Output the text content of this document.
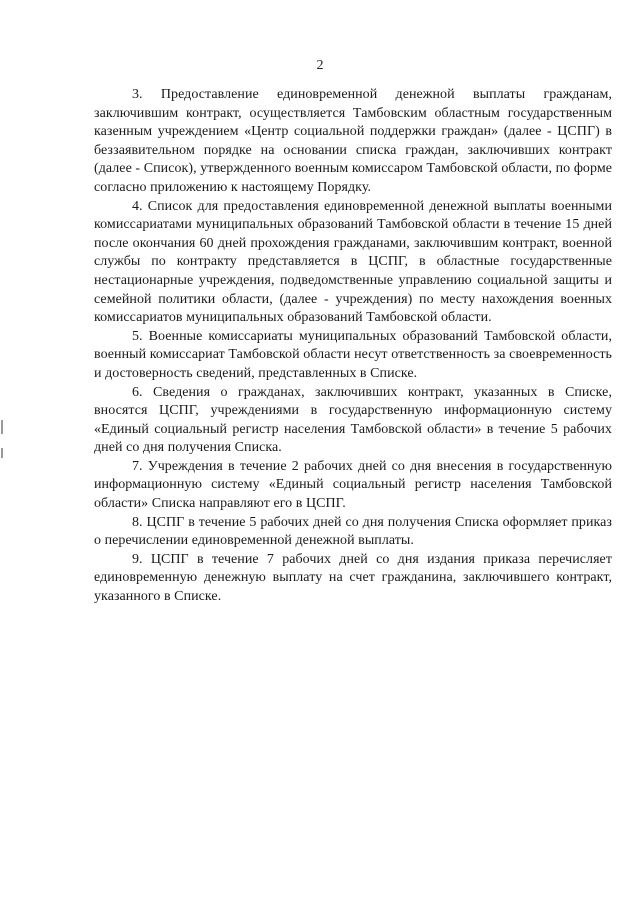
2

3. Предоставление единовременной денежной выплаты гражданам, заключившим контракт, осуществляется Тамбовским областным государственным казенным учреждением «Центр социальной поддержки граждан» (далее - ЦСПГ) в беззаявительном порядке на основании списка граждан, заключивших контракт (далее - Список), утвержденного военным комиссаром Тамбовской области, по форме согласно приложению к настоящему Порядку.

4. Список для предоставления единовременной денежной выплаты военными комиссариатами муниципальных образований Тамбовской области в течение 15 дней после окончания 60 дней прохождения гражданами, заключившим контракт, военной службы по контракту представляется в ЦСПГ, в областные государственные нестационарные учреждения, подведомственные управлению социальной защиты и семейной политики области, (далее - учреждения) по месту нахождения военных комиссариатов муниципальных образований Тамбовской области.

5. Военные комиссариаты муниципальных образований Тамбовской области, военный комиссариат Тамбовской области несут ответственность за своевременность и достоверность сведений, представленных в Списке.

6. Сведения о гражданах, заключивших контракт, указанных в Списке, вносятся ЦСПГ, учреждениями в государственную информационную систему «Единый социальный регистр населения Тамбовской области» в течение 5 рабочих дней со дня получения Списка.

7. Учреждения в течение 2 рабочих дней со дня внесения в государственную информационную систему «Единый социальный регистр населения Тамбовской области» Списка направляют его в ЦСПГ.

8. ЦСПГ в течение 5 рабочих дней со дня получения Списка оформляет приказ о перечислении единовременной денежной выплаты.

9. ЦСПГ в течение 7 рабочих дней со дня издания приказа перечисляет единовременную денежную выплату на счет гражданина, заключившего контракт, указанного в Списке.
